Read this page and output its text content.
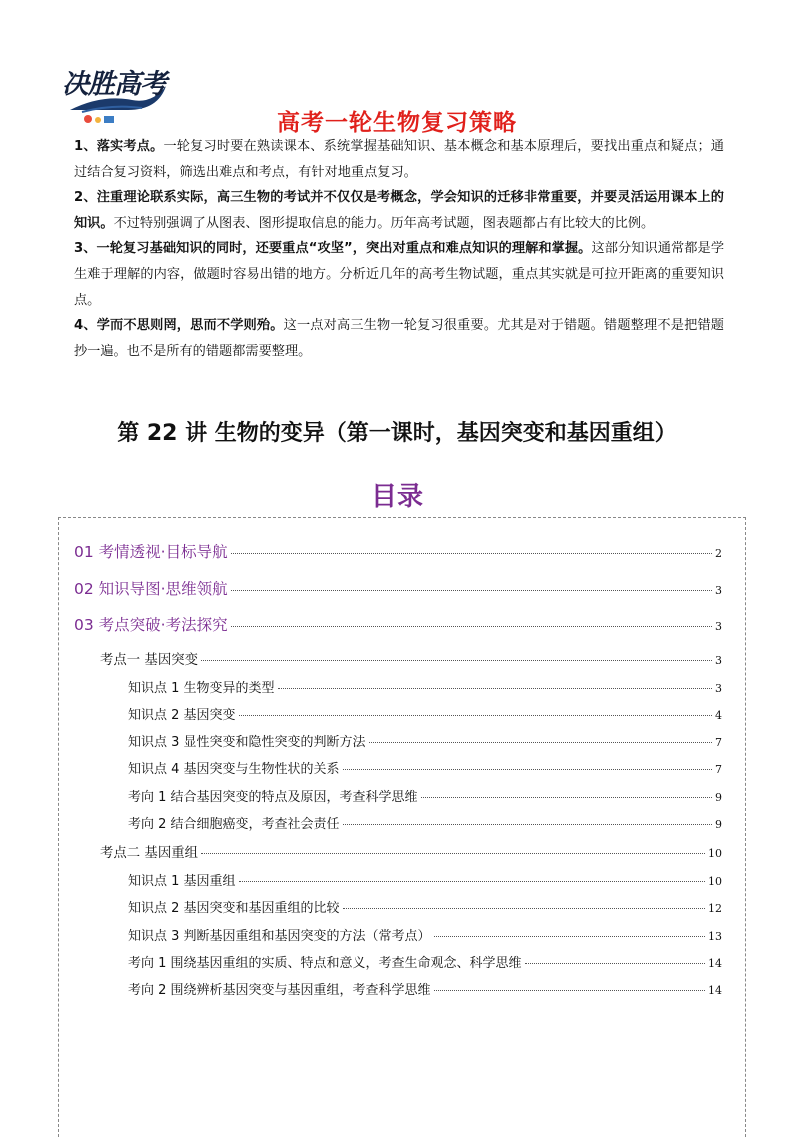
决胜高考
高考一轮生物复习策略

1、落实考点。一轮复习时要在熟读课本、系统掌握基础知识、基本概念和基本原理后，要找出重点和疑点；通过结合复习资料，筛选出难点和考点，有针对地重点复习。

2、注重理论联系实际，高三生物的考试并不仅仅是考概念，学会知识的迁移非常重要，并要灵活运用课本上的知识。不过特别强调了从图表、图形提取信息的能力。历年高考试题，图表题都占有比较大的比例。

3、一轮复习基础知识的同时，还要重点“攻坚”，突出对重点和难点知识的理解和掌握。这部分知识通常都是学生难于理解的内容，做题时容易出错的地方。分析近几年的高考生物试题，重点其实就是可拉开距离的重要知识点。

4、学而不思则罔，思而不学则殆。这一点对高三生物一轮复习很重要。尤其是对于错题。错题整理不是把错题抄一遍。也不是所有的错题都需要整理。

第 22 讲 生物的变异（第一课时，基因突变和基因重组）
目录
01 考情透视·目标导航	2
02 知识导图·思维领航	3
03 考点突破·考法探究	3
考点一 基因突变	3
知识点 1 生物变异的类型	3
知识点 2 基因突变	4
知识点 3 显性突变和隐性突变的判断方法	7
知识点 4 基因突变与生物性状的关系	7
考向 1 结合基因突变的特点及原因，考查科学思维	9
考向 2 结合细胞癌变，考查社会责任	9
考点二 基因重组	10
知识点 1 基因重组	10
知识点 2 基因突变和基因重组的比较	12
知识点 3 判断基因重组和基因突变的方法（常考点）	13
考向 1 围绕基因重组的实质、特点和意义，考查生命观念、科学思维	14
考向 2 围绕辨析基因突变与基因重组，考查科学思维	14
